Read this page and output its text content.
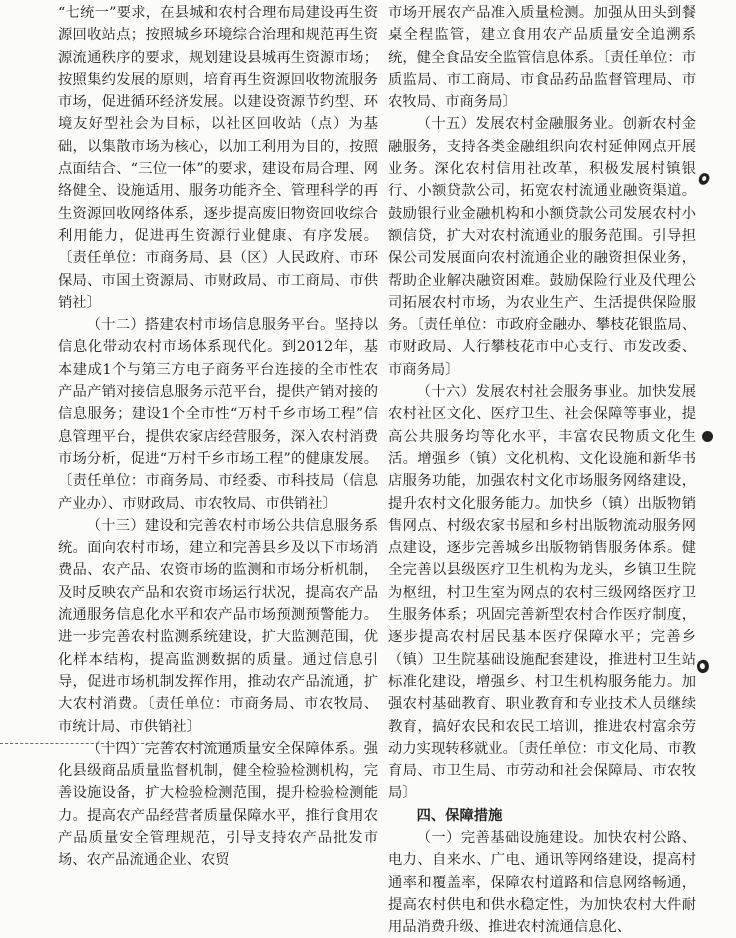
“七统一”要求，在县城和农村合理布局建设再生资源回收站点；按照城乡环境综合治理和规范再生资源流通秩序的要求，规划建设县城再生资源市场；按照集约发展的原则，培育再生资源回收物流服务市场，促进循环经济发展。以建设资源节约型、环境友好型社会为目标，以社区回收站（点）为基础，以集散市场为核心，以加工利用为目的，按照点面结合、“三位一体”的要求，建设布局合理、网络健全、设施适用、服务功能齐全、管理科学的再生资源回收网络体系，逐步提高废旧物资回收综合利用能力，促进再生资源行业健康、有序发展。〔责任单位：市商务局、县（区）人民政府、市环保局、市国土资源局、市财政局、市工商局、市供销社〕

（十二）搭建农村市场信息服务平台。坚持以信息化带动农村市场体系现代化。到2012年，基本建成1个与第三方电子商务平台连接的全市性农产品产销对接信息服务示范平台，提供产销对接的信息服务；建设1个全市性“万村千乡市场工程”信息管理平台，提供农家店经营服务，深入农村消费市场分析，促进“万村千乡市场工程”的健康发展。〔责任单位：市商务局、市经委、市科技局（信息产业办）、市财政局、市农牧局、市供销社〕

（十三）建设和完善农村市场公共信息服务系统。面向农村市场，建立和完善县乡及以下市场消费品、农产品、农资市场的监测和市场分析机制，及时反映农产品和农资市场运行状况，提高农产品流通服务信息化水平和农产品市场预测预警能力。进一步完善农村监测系统建设，扩大监测范围，优化样本结构，提高监测数据的质量。通过信息引导，促进市场机制发挥作用，推动农产品流通，扩大农村消费。〔责任单位：市商务局、市农牧局、市统计局、市供销社〕

（十四）完善农村流通质量安全保障体系。强化县级商品质量监督机制，健全检验检测机构，完善设施设备，扩大检验检测范围，提升检验检测能力。提高农产品经营者质量保障水平，推行食用农产品质量安全管理规范，引导支持农产品批发市场、农产品流通企业、农贸

市场开展农产品准入质量检测。加强从田头到餐桌全程监管，建立食用农产品质量安全追溯系统，健全食品安全监管信息体系。〔责任单位：市质监局、市工商局、市食品药品监督管理局、市农牧局、市商务局〕

（十五）发展农村金融服务业。创新农村金融服务，支持各类金融组织向农村延伸网点开展业务。深化农村信用社改革，积极发展村镇银行、小额贷款公司，拓宽农村流通业融资渠道。鼓励银行业金融机构和小额贷款公司发展农村小额信贷，扩大对农村流通业的服务范围。引导担保公司发展面向农村流通企业的融资担保业务，帮助企业解决融资困难。鼓励保险行业及代理公司拓展农村市场，为农业生产、生活提供保险服务。〔责任单位：市政府金融办、攀枝花银监局、市财政局、人行攀枝花市中心支行、市发改委、市商务局〕

（十六）发展农村社会服务事业。加快发展农村社区文化、医疗卫生、社会保障等事业，提高公共服务均等化水平，丰富农民物质文化生活。增强乡（镇）文化机构、文化设施和新华书店服务功能，加强农村文化市场服务网络建设，提升农村文化服务能力。加快乡（镇）出版物销售网点、村级农家书屋和乡村出版物流动服务网点建设，逐步完善城乡出版物销售服务体系。健全完善以县级医疗卫生机构为龙头，乡镇卫生院为枢纽，村卫生室为网点的农村三级网络医疗卫生服务体系；巩固完善新型农村合作医疗制度，逐步提高农村居民基本医疗保障水平；完善乡（镇）卫生院基础设施配套建设，推进村卫生站标准化建设，增强乡、村卫生机构服务能力。加强农村基础教育、职业教育和专业技术人员继续教育，搞好农民和农民工培训，推进农村富余劳动力实现转移就业。〔责任单位：市文化局、市教育局、市卫生局、市劳动和社会保障局、市农牧局〕

四、保障措施

（一）完善基础设施建设。加快农村公路、电力、自来水、广电、通讯等网络建设，提高村通率和覆盖率，保障农村道路和信息网络畅通，提高农村供电和供水稳定性，为加快农村大件耐用品消费升级、推进农村流通信息化、
